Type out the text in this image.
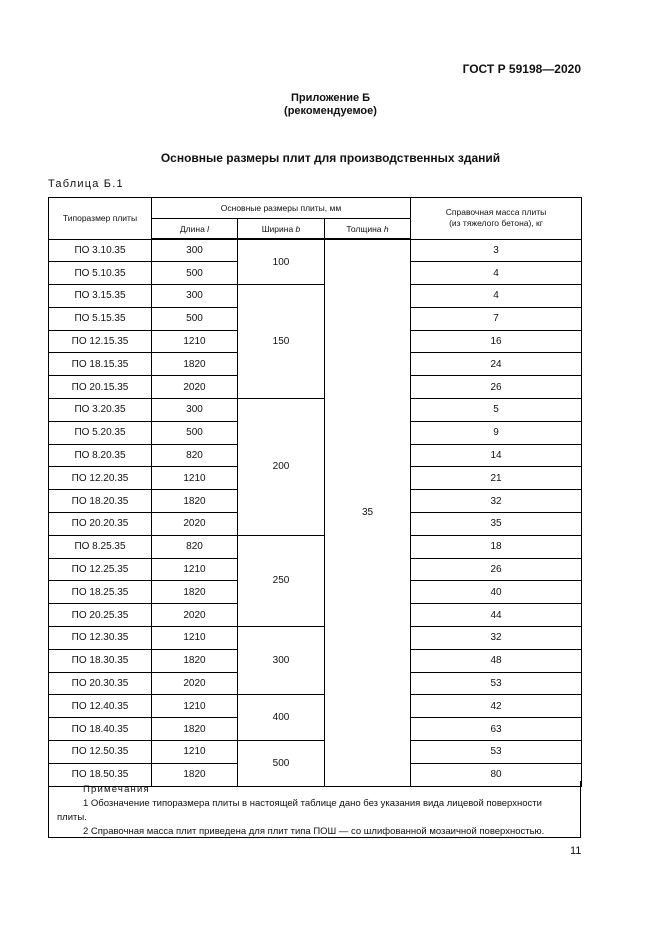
ГОСТ Р 59198—2020
Приложение Б
(рекомендуемое)
Основные размеры плит для производственных зданий
Таблица Б.1
Типоразмер плиты	Основные размеры плиты, мм			Справочная масса плиты
(из тяжелого бетона), кг

	Длина l	Ширина b	Толщина h	
ПО 3.10.35	300	100	35	3
ПО 5.10.35	500			4
ПО 3.15.35	300	150		4
ПО 5.15.35	500			7
ПО 12.15.35	1210			16
ПО 18.15.35	1820			24
ПО 20.15.35	2020			26
ПО 3.20.35	300	200		5
ПО 5.20.35	500			9
ПО 8.20.35	820			14
ПО 12.20.35	1210			21
ПО 18.20.35	1820			32
ПО 20.20.35	2020			35
ПО 8.25.35	820	250		18
ПО 12.25.35	1210			26
ПО 18.25.35	1820			40
ПО 20.25.35	2020			44
ПО 12.30.35	1210	300		32
ПО 18.30.35	1820			48
ПО 20.30.35	2020			53
ПО 12.40.35	1210	400		42
ПО 18.40.35	1820			63
ПО 12.50.35	1210	500		53
ПО 18.50.35	1820			80
Примечания
1 Обозначение типоразмера плиты в настоящей таблице дано без указания вида лицевой поверхности плиты.
2 Справочная масса плит приведена для плит типа ПОШ — со шлифованной мозаичной поверхностью.
11
